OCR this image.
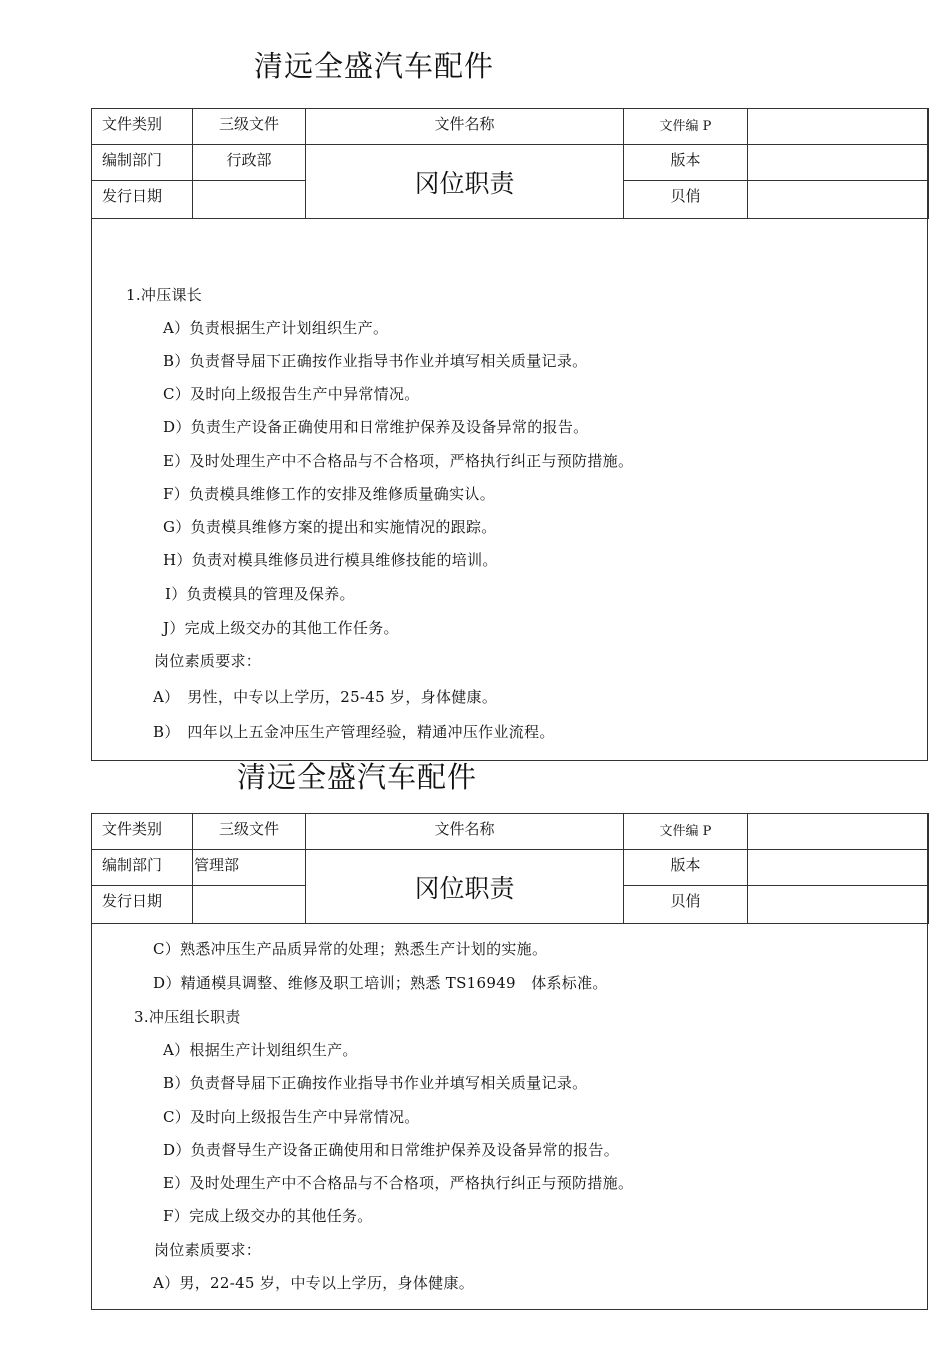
清远全盛汽车配件
文件类别	三级文件	文件名称	文件编 P	
编制部门	行政部	冈位职责	版本	
发行日期			贝俏	
1.冲压课长
A）负责根据生产计划组织生产。
B）负责督导届下正确按作业指导书作业并填写相关质量记录。
C）及时向上级报告生产中异常情况。
D）负责生产设备正确使用和日常维护保养及设备异常的报告。
E）及时处理生产中不合格品与不合格项，严格执行纠正与预防措施。
F）负责模具维修工作的安排及维修质量确实认。
G）负责模具维修方案的提出和实施情况的跟踪。
H）负责对模具维修员进行模具维修技能的培训。
I）负责模具的管理及保养。
J）完成上级交办的其他工作任务。
岗位素质要求：
A）　男性，中专以上学历，25-45 岁，身体健康。
B）　四年以上五金冲压生产管理经验，精通冲压作业流程。
清远全盛汽车配件
文件类别	三级文件	文件名称	文件编 P	
编制部门	管理部	冈位职责	版本	
发行日期			贝俏	
C）熟悉冲压生产品质异常的处理；熟悉生产计划的实施。
D）精通模具调整、维修及职工培训；熟悉 TS16949　体系标准。
3.冲压组长职责
A）根据生产计划组织生产。
B）负责督导届下正确按作业指导书作业并填写相关质量记录。
C）及时向上级报告生产中异常情况。
D）负责督导生产设备正确使用和日常维护保养及设备异常的报告。
E）及时处理生产中不合格品与不合格项，严格执行纠正与预防措施。
F）完成上级交办的其他任务。
岗位素质要求：
A）男，22-45 岁，中专以上学历，身体健康。
